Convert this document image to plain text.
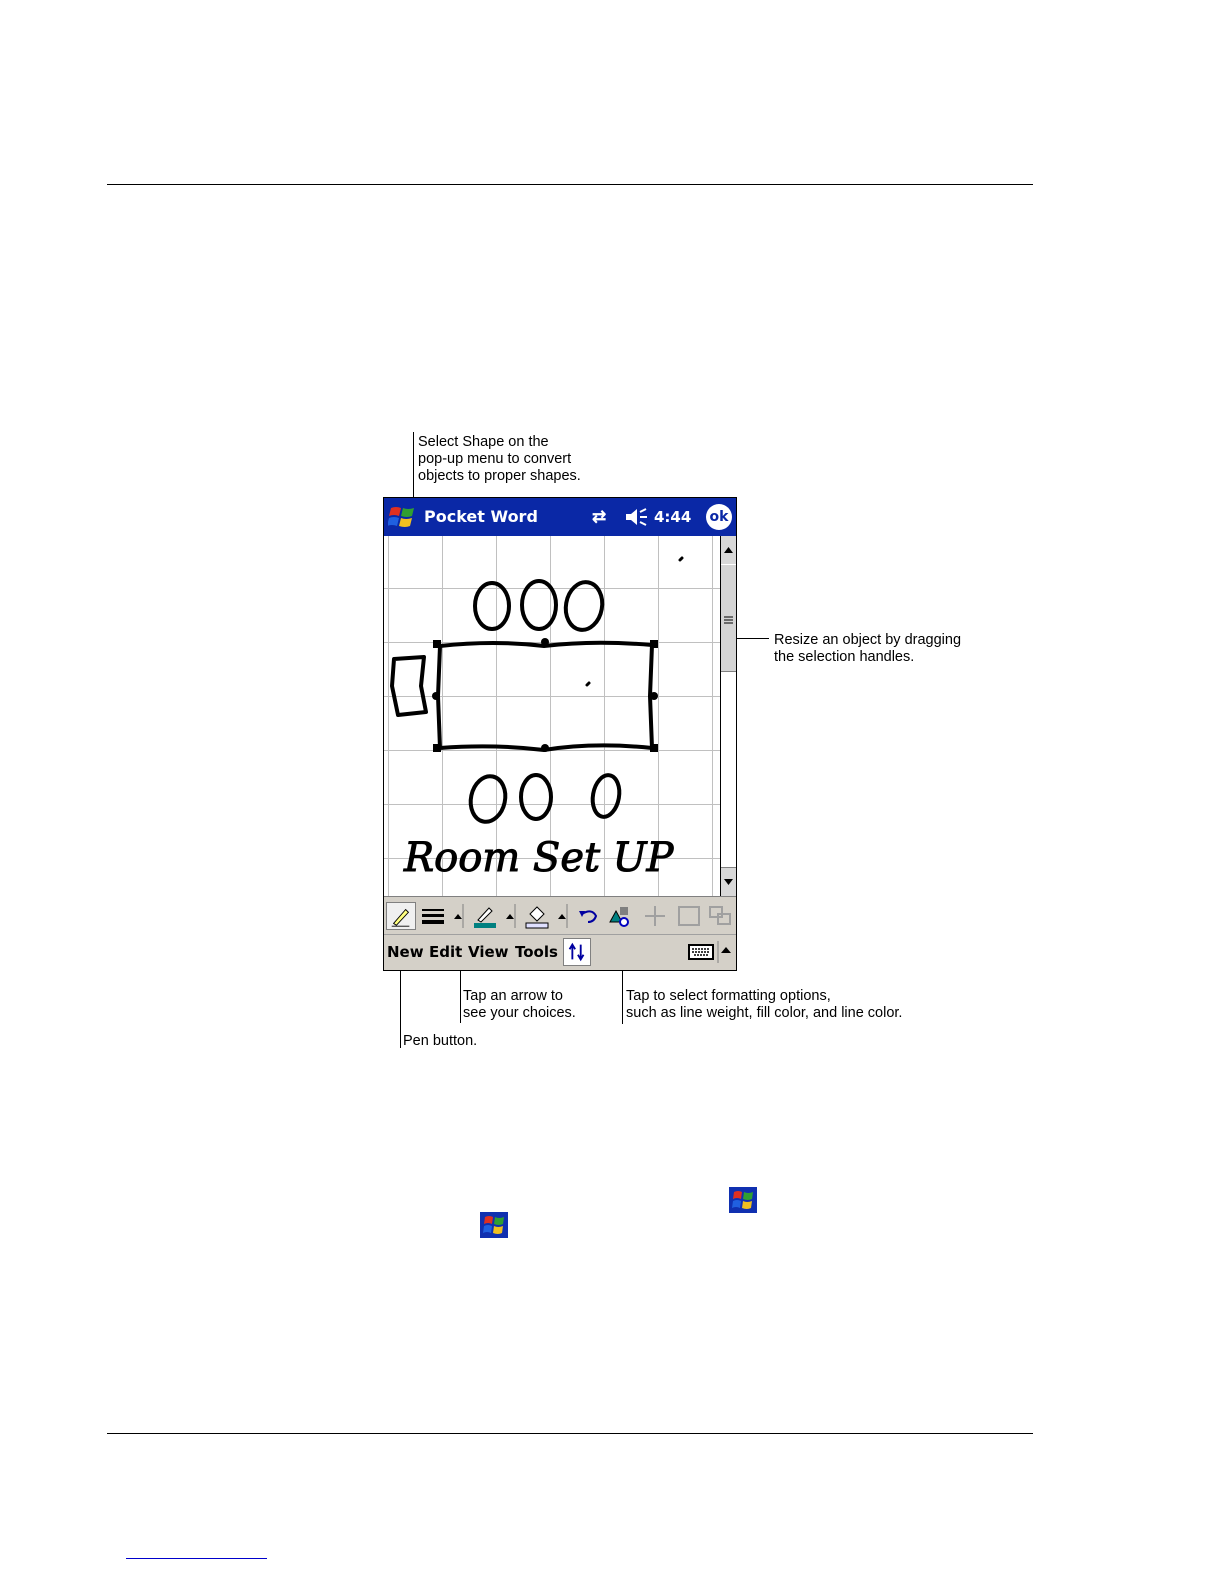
Select Shape on the
pop-up menu to convert
objects to proper shapes.
Resize an object by dragging
the selection handles.
Tap an arrow to
see your choices.
Tap to select formatting options,
such as line weight, fill color, and line color.
Pen button.
Pocket Word	⇄	4:44 ok
Room Set UP
New Edit View Tools
